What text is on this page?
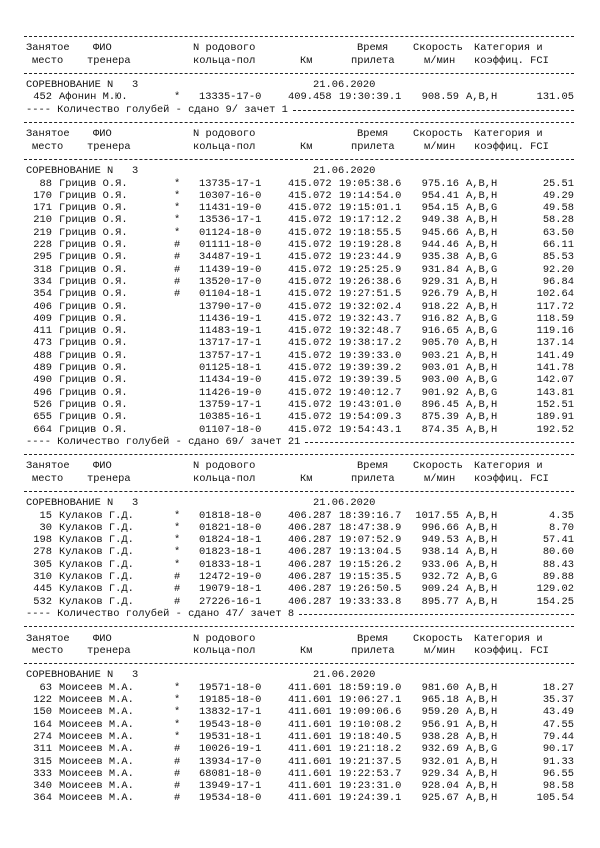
Занятое ФИО	N родового	Время Скорость Категория и
место тренера	кольца-пол	Км	прилета	м/мин коэффиц. FCI
СОРЕВНОВАНИЕ N   3	21.06.2020
452 Афонин М.Ю.	* 13335-17-0	409.458 19:30:39.1	908.59 A,B,H	131.05
---- Количество голубей - сдано 9/ зачет 1
Занятое ФИО	N родового	Время Скорость Категория и
место тренера	кольца-пол	Км	прилета	м/мин коэффиц. FCI
СОРЕВНОВАНИЕ N   3	21.06.2020
88 Грицив О.Я.	* 13735-17-1	415.072 19:05:38.6	975.16 A,B,H	25.51
170 Грицив О.Я.	* 10307-16-0	415.072 19:14:54.0	954.41 A,B,H	49.29
171 Грицив О.Я.	* 11431-19-0	415.072 19:15:01.1	954.15 A,B,G	49.58
210 Грицив О.Я.	* 13536-17-1	415.072 19:17:12.2	949.38 A,B,H	58.28
219 Грицив О.Я.	* 01124-18-0	415.072 19:18:55.5	945.66 A,B,H	63.50
228 Грицив О.Я.	# 01111-18-0	415.072 19:19:28.8	944.46 A,B,H	66.11
295 Грицив О.Я.	# 34487-19-1	415.072 19:23:44.9	935.38 A,B,G	85.53
318 Грицив О.Я.	# 11439-19-0	415.072 19:25:25.9	931.84 A,B,G	92.20
334 Грицив О.Я.	# 13520-17-0	415.072 19:26:38.6	929.31 A,B,H	96.84
354 Грицив О.Я.	# 01104-18-1	415.072 19:27:51.5	926.79 A,B,H	102.64
406 Грицив О.Я.	13790-17-0	415.072 19:32:02.4	918.22 A,B,H	117.72
409 Грицив О.Я.	11436-19-1	415.072 19:32:43.7	916.82 A,B,G	118.59
411 Грицив О.Я.	11483-19-1	415.072 19:32:48.7	916.65 A,B,G	119.16
473 Грицив О.Я.	13717-17-1	415.072 19:38:17.2	905.70 A,B,H	137.14
488 Грицив О.Я.	13757-17-1	415.072 19:39:33.0	903.21 A,B,H	141.49
489 Грицив О.Я.	01125-18-1	415.072 19:39:39.2	903.01 A,B,H	141.78
490 Грицив О.Я.	11434-19-0	415.072 19:39:39.5	903.00 A,B,G	142.07
496 Грицив О.Я.	11426-19-0	415.072 19:40:12.7	901.92 A,B,G	143.81
526 Грицив О.Я.	13759-17-1	415.072 19:43:01.0	896.45 A,B,H	152.51
655 Грицив О.Я.	10385-16-1	415.072 19:54:09.3	875.39 A,B,H	189.91
664 Грицив О.Я.	01107-18-0	415.072 19:54:43.1	874.35 A,B,H	192.52
---- Количество голубей - сдано 69/ зачет 21
Занятое ФИО	N родового	Время Скорость Категория и
место тренера	кольца-пол	Км	прилета	м/мин коэффиц. FCI
СОРЕВНОВАНИЕ N   3	21.06.2020
15 Кулаков Г.Д.	* 01818-18-0	406.287 18:39:16.7	1017.55 A,B,H	4.35
30 Кулаков Г.Д.	* 01821-18-0	406.287 18:47:38.9	996.66 A,B,H	8.70
198 Кулаков Г.Д.	* 01824-18-1	406.287 19:07:52.9	949.53 A,B,H	57.41
278 Кулаков Г.Д.	* 01823-18-1	406.287 19:13:04.5	938.14 A,B,H	80.60
305 Кулаков Г.Д.	* 01833-18-1	406.287 19:15:26.2	933.06 A,B,H	88.43
310 Кулаков Г.Д.	# 12472-19-0	406.287 19:15:35.5	932.72 A,B,G	89.88
445 Кулаков Г.Д.	# 19079-18-1	406.287 19:26:50.5	909.24 A,B,H	129.02
532 Кулаков Г.Д.	# 27226-16-1	406.287 19:33:33.8	895.77 A,B,H	154.25
---- Количество голубей - сдано 47/ зачет 8
Занятое ФИО	N родового	Время Скорость Категория и
место тренера	кольца-пол	Км	прилета	м/мин коэффиц. FCI
СОРЕВНОВАНИЕ N   3	21.06.2020
63 Моисеев М.А.	* 19571-18-0	411.601 18:59:19.0	981.60 A,B,H	18.27
122 Моисеев М.А.	* 19185-18-0	411.601 19:06:27.1	965.18 A,B,H	35.37
150 Моисеев М.А.	* 13832-17-1	411.601 19:09:06.6	959.20 A,B,H	43.49
164 Моисеев М.А.	* 19543-18-0	411.601 19:10:08.2	956.91 A,B,H	47.55
274 Моисеев М.А.	* 19531-18-1	411.601 19:18:40.5	938.28 A,B,H	79.44
311 Моисеев М.А.	# 10026-19-1	411.601 19:21:18.2	932.69 A,B,G	90.17
315 Моисеев М.А.	# 13934-17-0	411.601 19:21:37.5	932.01 A,B,H	91.33
333 Моисеев М.А.	# 68081-18-0	411.601 19:22:53.7	929.34 A,B,H	96.55
340 Моисеев М.А.	# 13949-17-1	411.601 19:23:31.0	928.04 A,B,H	98.58
364 Моисеев М.А.	# 19534-18-0	411.601 19:24:39.1	925.67 A,B,H	105.54
